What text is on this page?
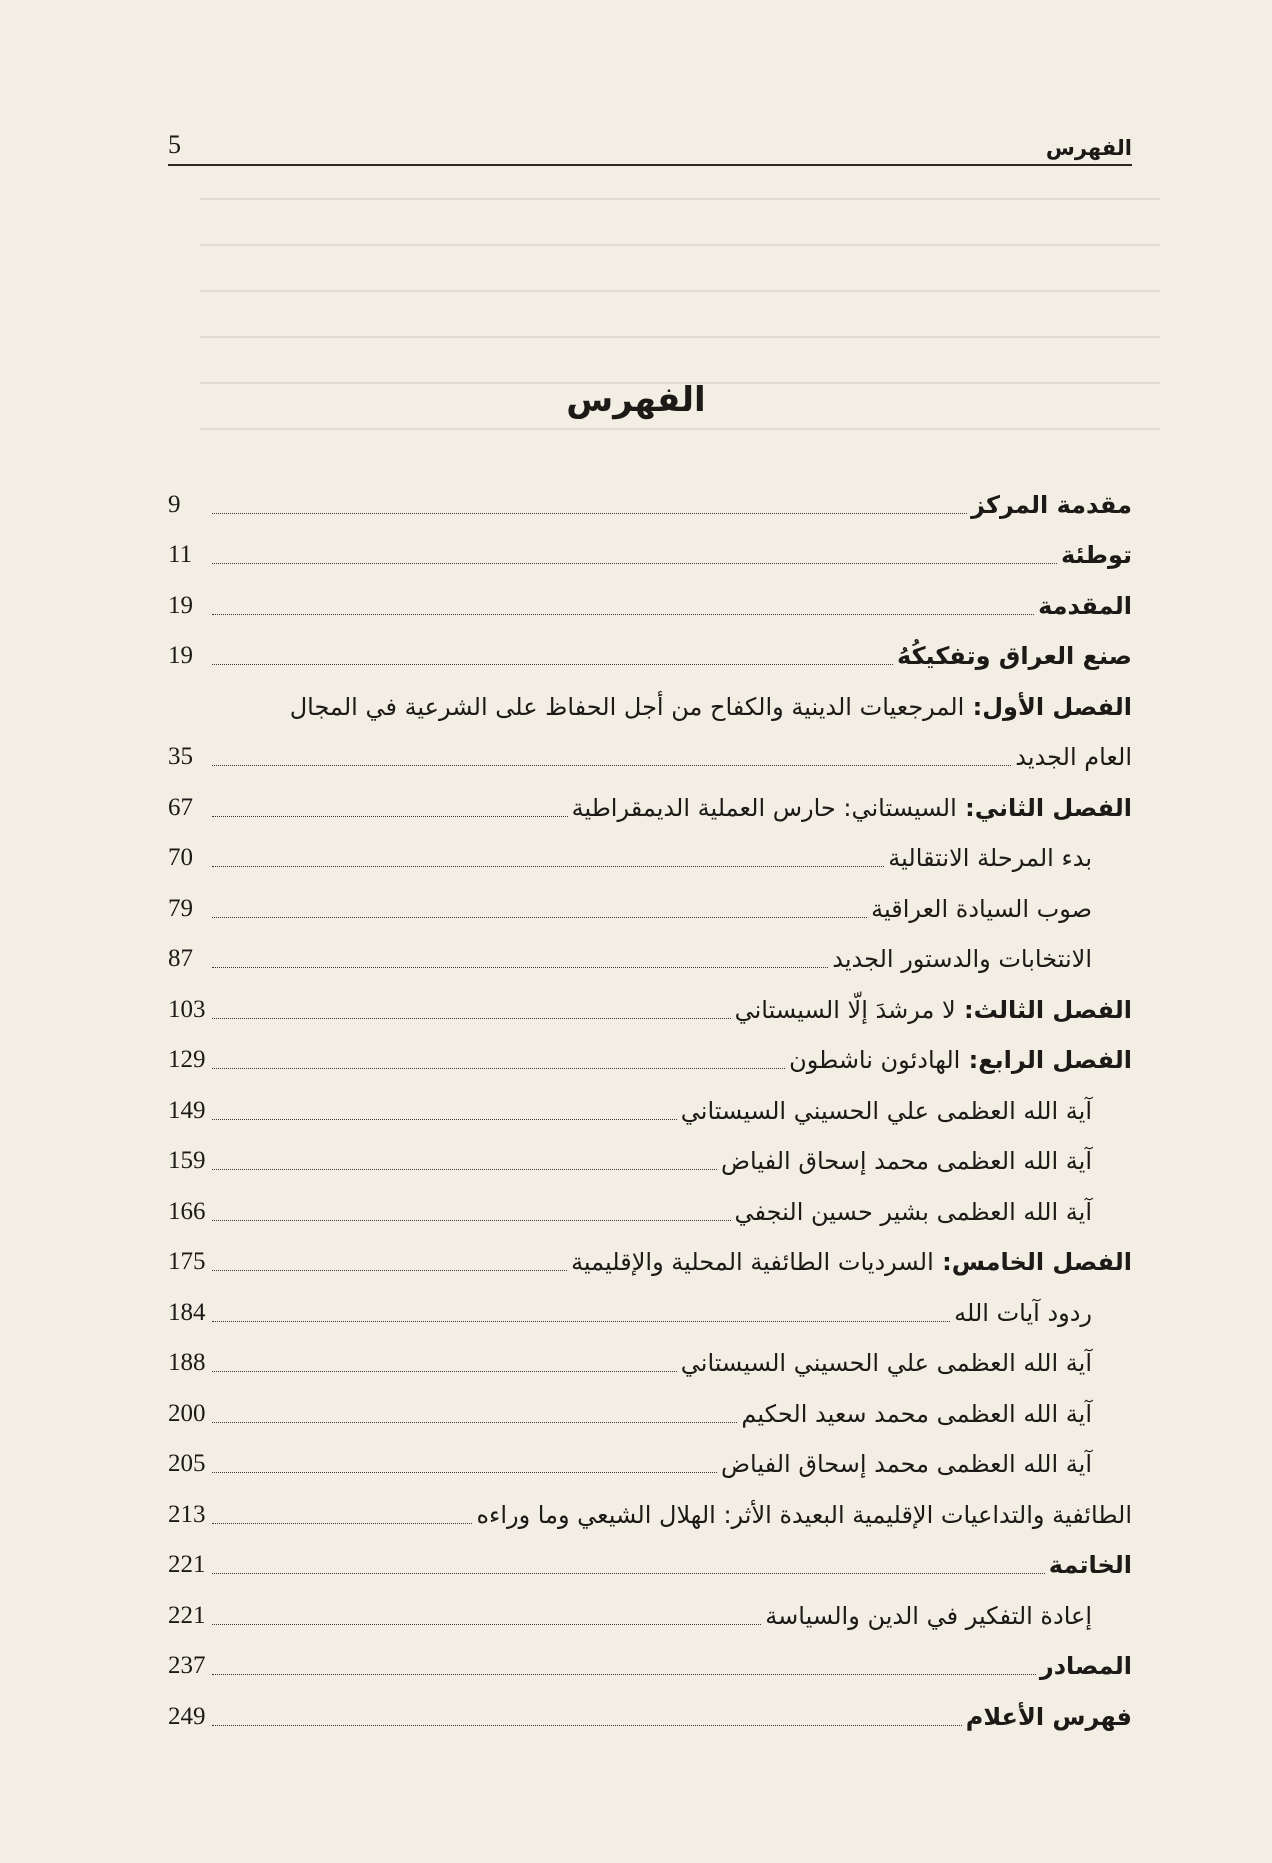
5	الفهرس
الفهرس
مقدمة المركز
9
توطئة
11
المقدمة
19
صنع العراق وتفكيكُهُ
19
الفصل الأول: المرجعيات الدينية والكفاح من أجل الحفاظ على الشرعية في المجال
العام الجديد
35
الفصل الثاني: السيستاني: حارس العملية الديمقراطية
67
بدء المرحلة الانتقالية
70
صوب السيادة العراقية
79
الانتخابات والدستور الجديد
87
الفصل الثالث: لا مرشدَ إلّا السيستاني
103
الفصل الرابع: الهادئون ناشطون
129
آية الله العظمى علي الحسيني السيستاني
149
آية الله العظمى محمد إسحاق الفياض
159
آية الله العظمى بشير حسين النجفي
166
الفصل الخامس: السرديات الطائفية المحلية والإقليمية
175
ردود آيات الله
184
آية الله العظمى علي الحسيني السيستاني
188
آية الله العظمى محمد سعيد الحكيم
200
آية الله العظمى محمد إسحاق الفياض
205
الطائفية والتداعيات الإقليمية البعيدة الأثر: الهلال الشيعي وما وراءه
213
الخاتمة
221
إعادة التفكير في الدين والسياسة
221
المصادر
237
فهرس الأعلام
249
